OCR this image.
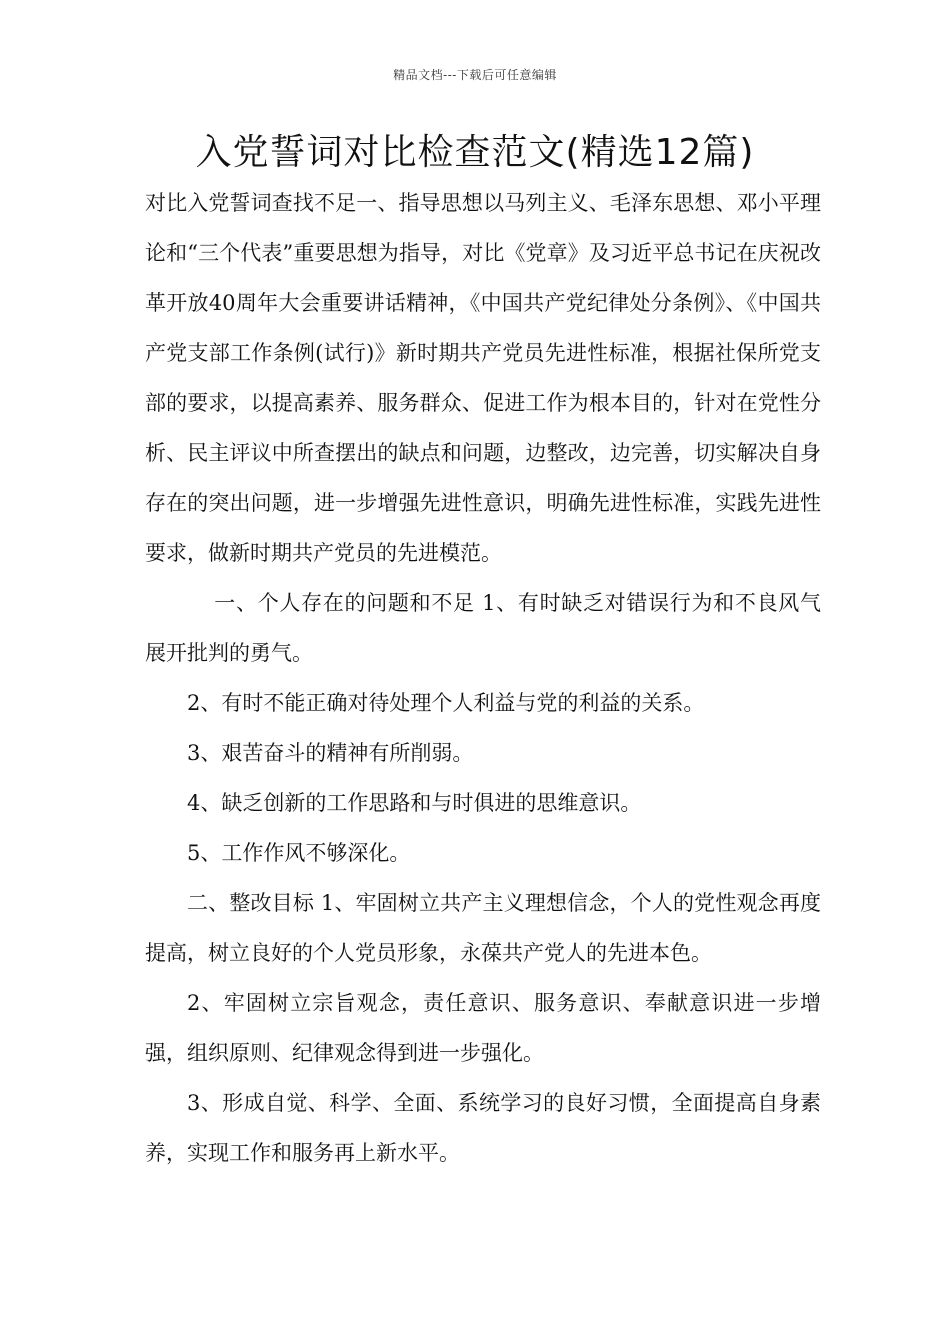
精品文档---下载后可任意编辑
入党誓词对比检查范文(精选12篇)

对比入党誓词查找不足一、指导思想以马列主义、毛泽东思想、邓小平理论和“三个代表”重要思想为指导，对比《党章》及习近平总书记在庆祝改革开放40周年大会重要讲话精神，《中国共产党纪律处分条例》、《中国共产党支部工作条例(试行)》新时期共产党员先进性标准，根据社保所党支部的要求，以提高素养、服务群众、促进工作为根本目的，针对在党性分析、民主评议中所查摆出的缺点和问题，边整改，边完善，切实解决自身存在的突出问题，进一步增强先进性意识，明确先进性标准，实践先进性要求，做新时期共产党员的先进模范。

一、个人存在的问题和不足 1、有时缺乏对错误行为和不良风气展开批判的勇气。

2、有时不能正确对待处理个人利益与党的利益的关系。

3、艰苦奋斗的精神有所削弱。

4、缺乏创新的工作思路和与时俱进的思维意识。

5、工作作风不够深化。

二、整改目标 1、牢固树立共产主义理想信念，个人的党性观念再度提高，树立良好的个人党员形象，永葆共产党人的先进本色。

2、牢固树立宗旨观念，责任意识、服务意识、奉献意识进一步增强，组织原则、纪律观念得到进一步强化。

3、形成自觉、科学、全面、系统学习的良好习惯，全面提高自身素养，实现工作和服务再上新水平。
